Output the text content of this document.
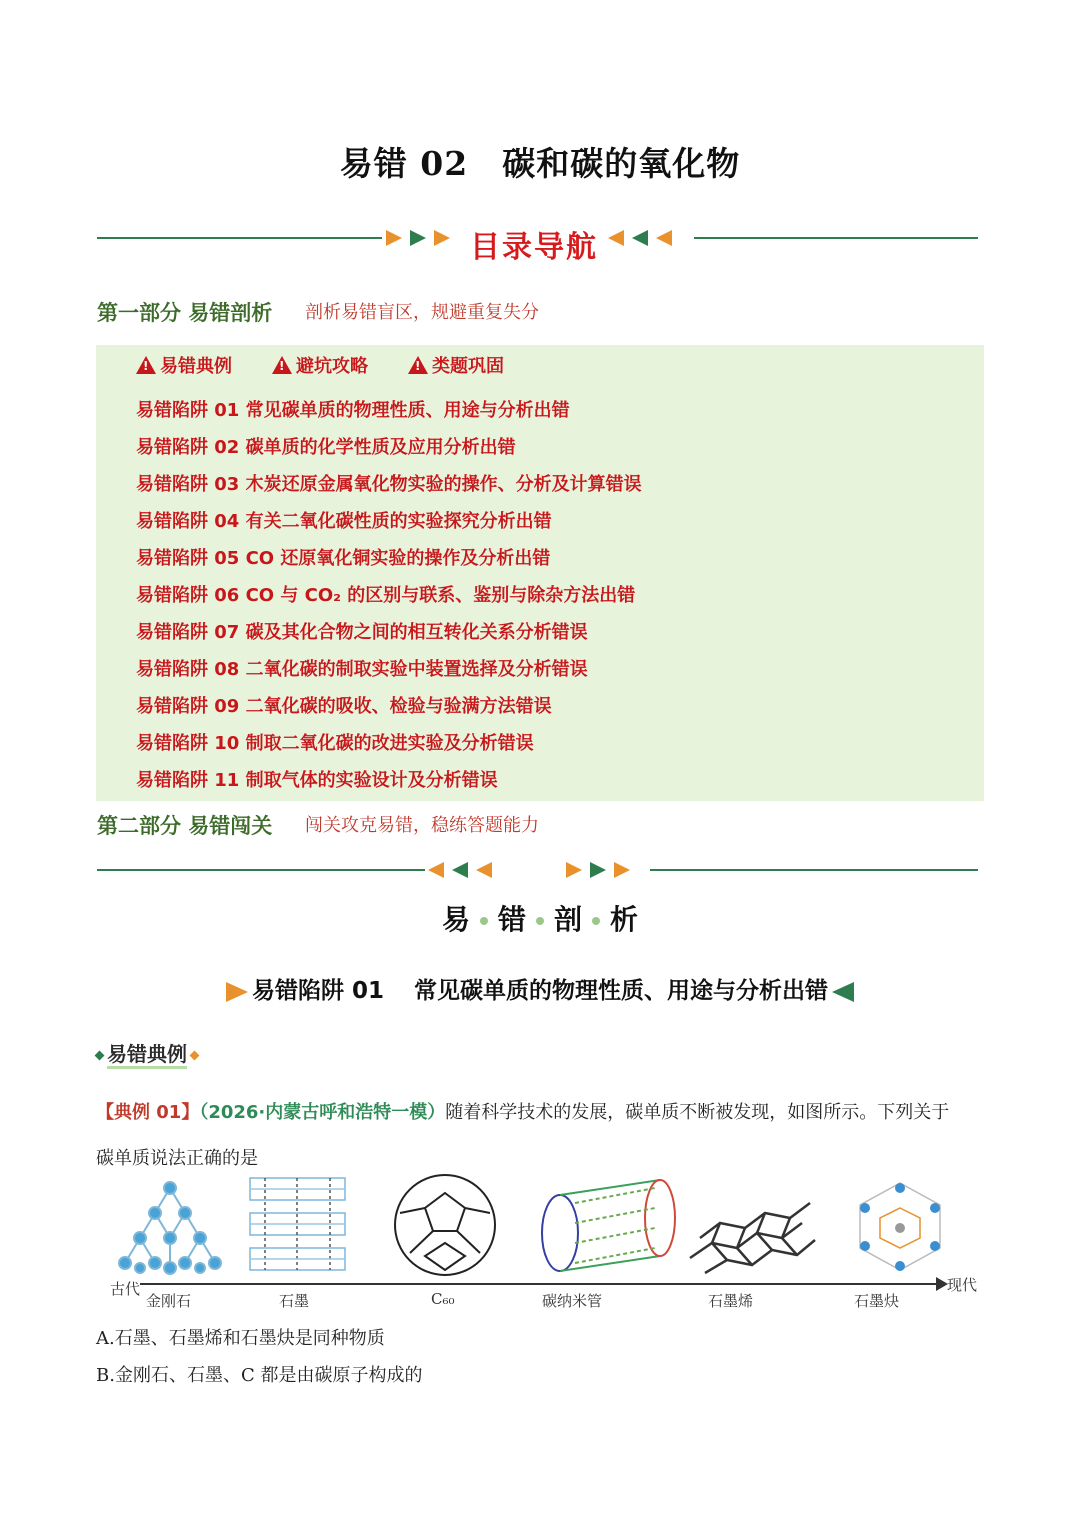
易错 02 碳和碳的氧化物
目录导航
第一部分 易错剖析 剖析易错盲区，规避重复失分
!
易错典例 !	避坑攻略 !	类题巩固
易错陷阱 01 常见碳单质的物理性质、用途与分析出错
易错陷阱 02 碳单质的化学性质及应用分析出错
易错陷阱 03 木炭还原金属氧化物实验的操作、分析及计算错误
易错陷阱 04 有关二氧化碳性质的实验探究分析出错
易错陷阱 05 CO 还原氧化铜实验的操作及分析出错
易错陷阱 06 CO 与 CO₂ 的区别与联系、鉴别与除杂方法出错
易错陷阱 07 碳及其化合物之间的相互转化关系分析错误
易错陷阱 08 二氧化碳的制取实验中装置选择及分析错误
易错陷阱 09 二氧化碳的吸收、检验与验满方法错误
易错陷阱 10 制取二氧化碳的改进实验及分析错误
易错陷阱 11 制取气体的实验设计及分析错误
第二部分 易错闯关 闯关攻克易错，稳练答题能力
易 错 剖 析
易错陷阱 01 常见碳单质的物理性质、用途与分析出错
易错典例
【典例 01】（2026·内蒙古呼和浩特一模）随着科学技术的发展，碳单质不断被发现，如图所示。下列关于
碳单质说法正确的是
古代	现代
金刚石	石墨	C₆₀	碳纳米管	石墨烯	石墨炔
A.石墨、石墨烯和石墨炔是同种物质
B.金刚石、石墨、C 都是由碳原子构成的
